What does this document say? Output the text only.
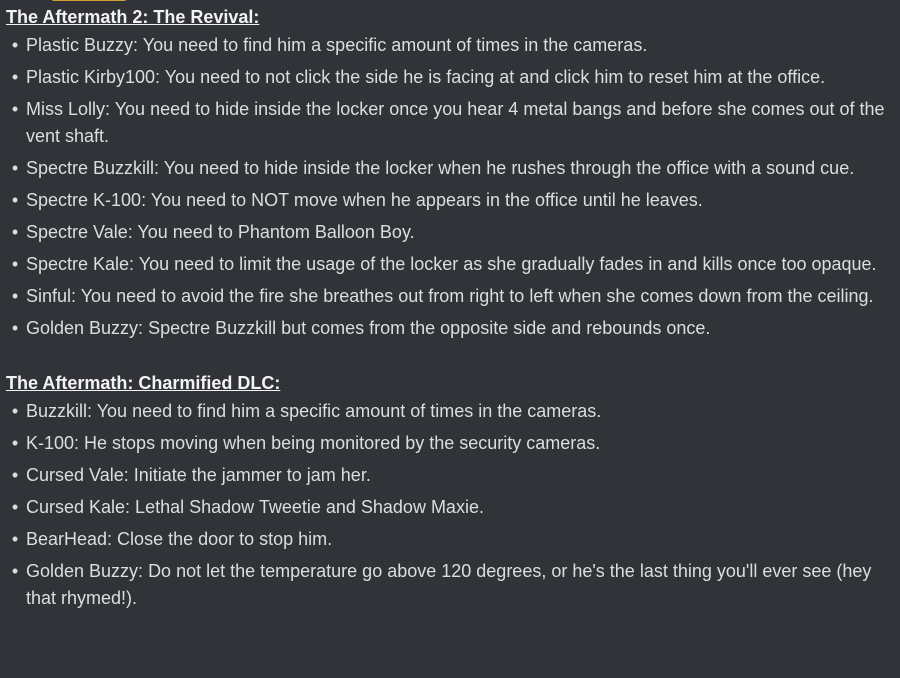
The Aftermath 2: The Revival:
• Plastic Buzzy: You need to find him a specific amount of times in the cameras.
• Plastic Kirby100: You need to not click the side he is facing at and click him to reset him at the office.
• Miss Lolly: You need to hide inside the locker once you hear 4 metal bangs and before she comes out of the vent shaft.
• Spectre Buzzkill: You need to hide inside the locker when he rushes through the office with a sound cue.
• Spectre K-100: You need to NOT move when he appears in the office until he leaves.
• Spectre Vale: You need to Phantom Balloon Boy.
• Spectre Kale: You need to limit the usage of the locker as she gradually fades in and kills once too opaque.
• Sinful: You need to avoid the fire she breathes out from right to left when she comes down from the ceiling.
• Golden Buzzy: Spectre Buzzkill but comes from the opposite side and rebounds once.
The Aftermath: Charmified DLC:
• Buzzkill: You need to find him a specific amount of times in the cameras.
• K-100: He stops moving when being monitored by the security cameras.
• Cursed Vale: Initiate the jammer to jam her.
• Cursed Kale: Lethal Shadow Tweetie and Shadow Maxie.
• BearHead: Close the door to stop him.
• Golden Buzzy: Do not let the temperature go above 120 degrees, or he's the last thing you'll ever see (hey that rhymed!).
